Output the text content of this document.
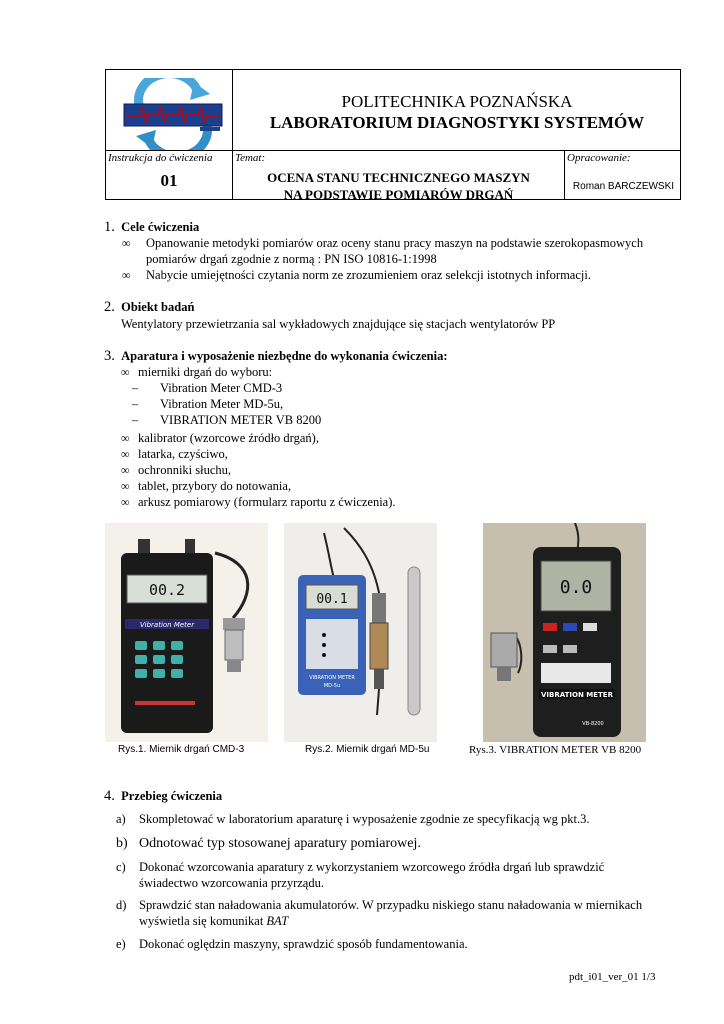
POLITECHNIKA POZNAŃSKA
LABORATORIUM DIAGNOSTYKI SYSTEMÓW
Instrukcja do ćwiczenia
01
Temat:
OCENA STANU TECHNICZNEGO MASZYN
NA PODSTAWIE POMIARÓW DRGAŃ
Opracowanie:
Roman BARCZEWSKI
1. Cele ćwiczenia
∞ Opanowanie metodyki pomiarów oraz oceny stanu pracy maszyn na podstawie szerokopasmowych
pomiarów drgań zgodnie z normą : PN ISO 10816-1:1998
∞ Nabycie umiejętności czytania norm ze zrozumieniem oraz selekcji istotnych informacji.
2. Obiekt badań
Wentylatory przewietrzania sal wykładowych znajdujące się stacjach wentylatorów PP
3. Aparatura i wyposażenie niezbędne do wykonania ćwiczenia:
∞ mierniki drgań do wyboru:
– Vibration Meter CMD-3
– Vibration Meter MD-5u,
– VIBRATION METER VB 8200
∞ kalibrator (wzorcowe źródło drgań),
∞ latarka, czyściwo,
∞ ochronniki słuchu,
∞ tablet, przybory do notowania,
∞ arkusz pomiarowy (formularz raportu z ćwiczenia).
00.2
Vibration Meter
Rys.1. Miernik drgań CMD-3
00.1
VIBRATION METER
MD-5u
Rys.2. Miernik drgań MD-5u
0.0
VIBRATION METER
VB-8200
Rys.3. VIBRATION METER VB 8200
4. Przebieg ćwiczenia
a) Skompletować w laboratorium aparaturę i wyposażenie zgodnie ze specyfikacją wg pkt.3.
b) Odnotować typ stosowanej aparatury pomiarowej.
c) Dokonać wzorcowania aparatury z wykorzystaniem wzorcowego źródła drgań lub sprawdzić
świadectwo wzorcowania przyrządu.
d) Sprawdzić stan naładowania akumulatorów. W przypadku niskiego stanu naładowania w miernikach
wyświetla się komunikat BAT
e) Dokonać oględzin maszyny, sprawdzić sposób fundamentowania.
pdt_i01_ver_01 1/3
